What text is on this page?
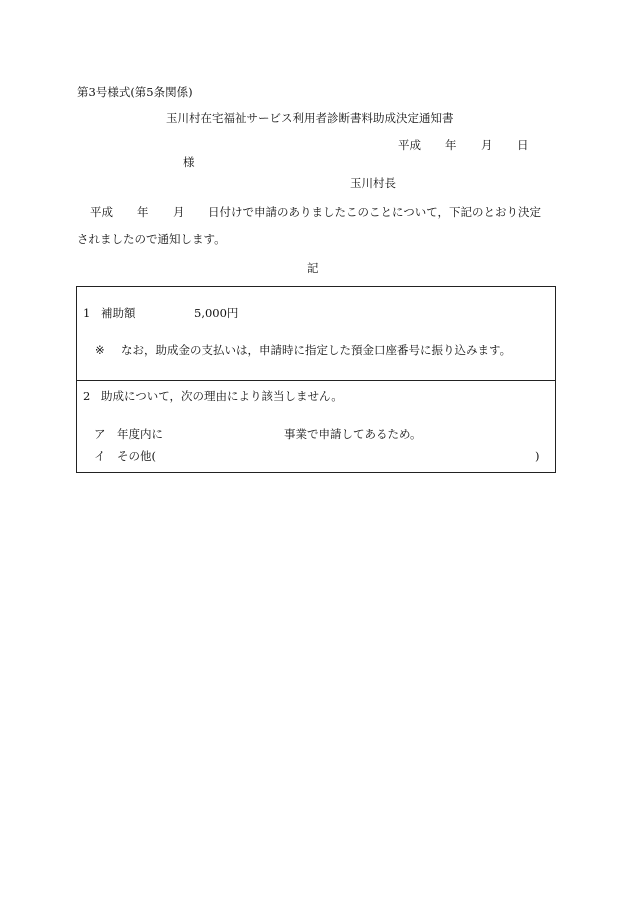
第3号様式(第5条関係)
玉川村在宅福祉サービス利用者診断書料助成決定通知書
平成 年 月 日
様
玉川村長
平成 年 月 日付けで申請のありましたこのことについて，下記のとおり決定
されましたので通知します。
記
1 補助額	5,000円
※ なお，助成金の支払いは，申請時に指定した預金口座番号に振り込みます。
2 助成について，次の理由により該当しません。
ア 年度内に	事業で申請してあるため。
イ その他(	)
